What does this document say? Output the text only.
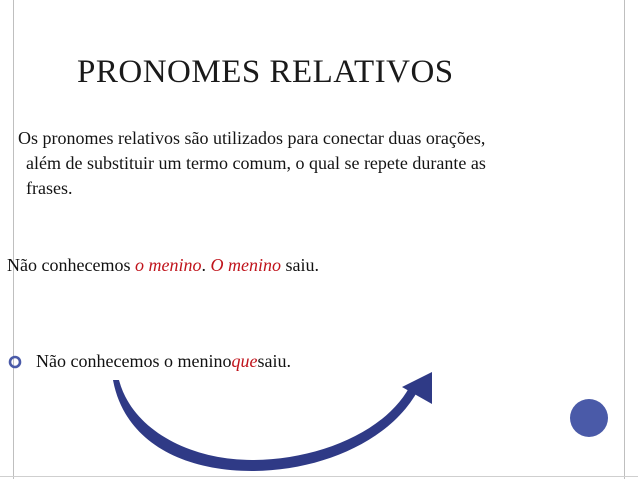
PRONOMES RELATIVOS
Os pronomes relativos são utilizados para conectar duas orações,
além de substituir um termo comum, o qual se repete durante as
frases.
Não conhecemos o menino. O menino saiu.
Não conhecemos o menino que saiu.
